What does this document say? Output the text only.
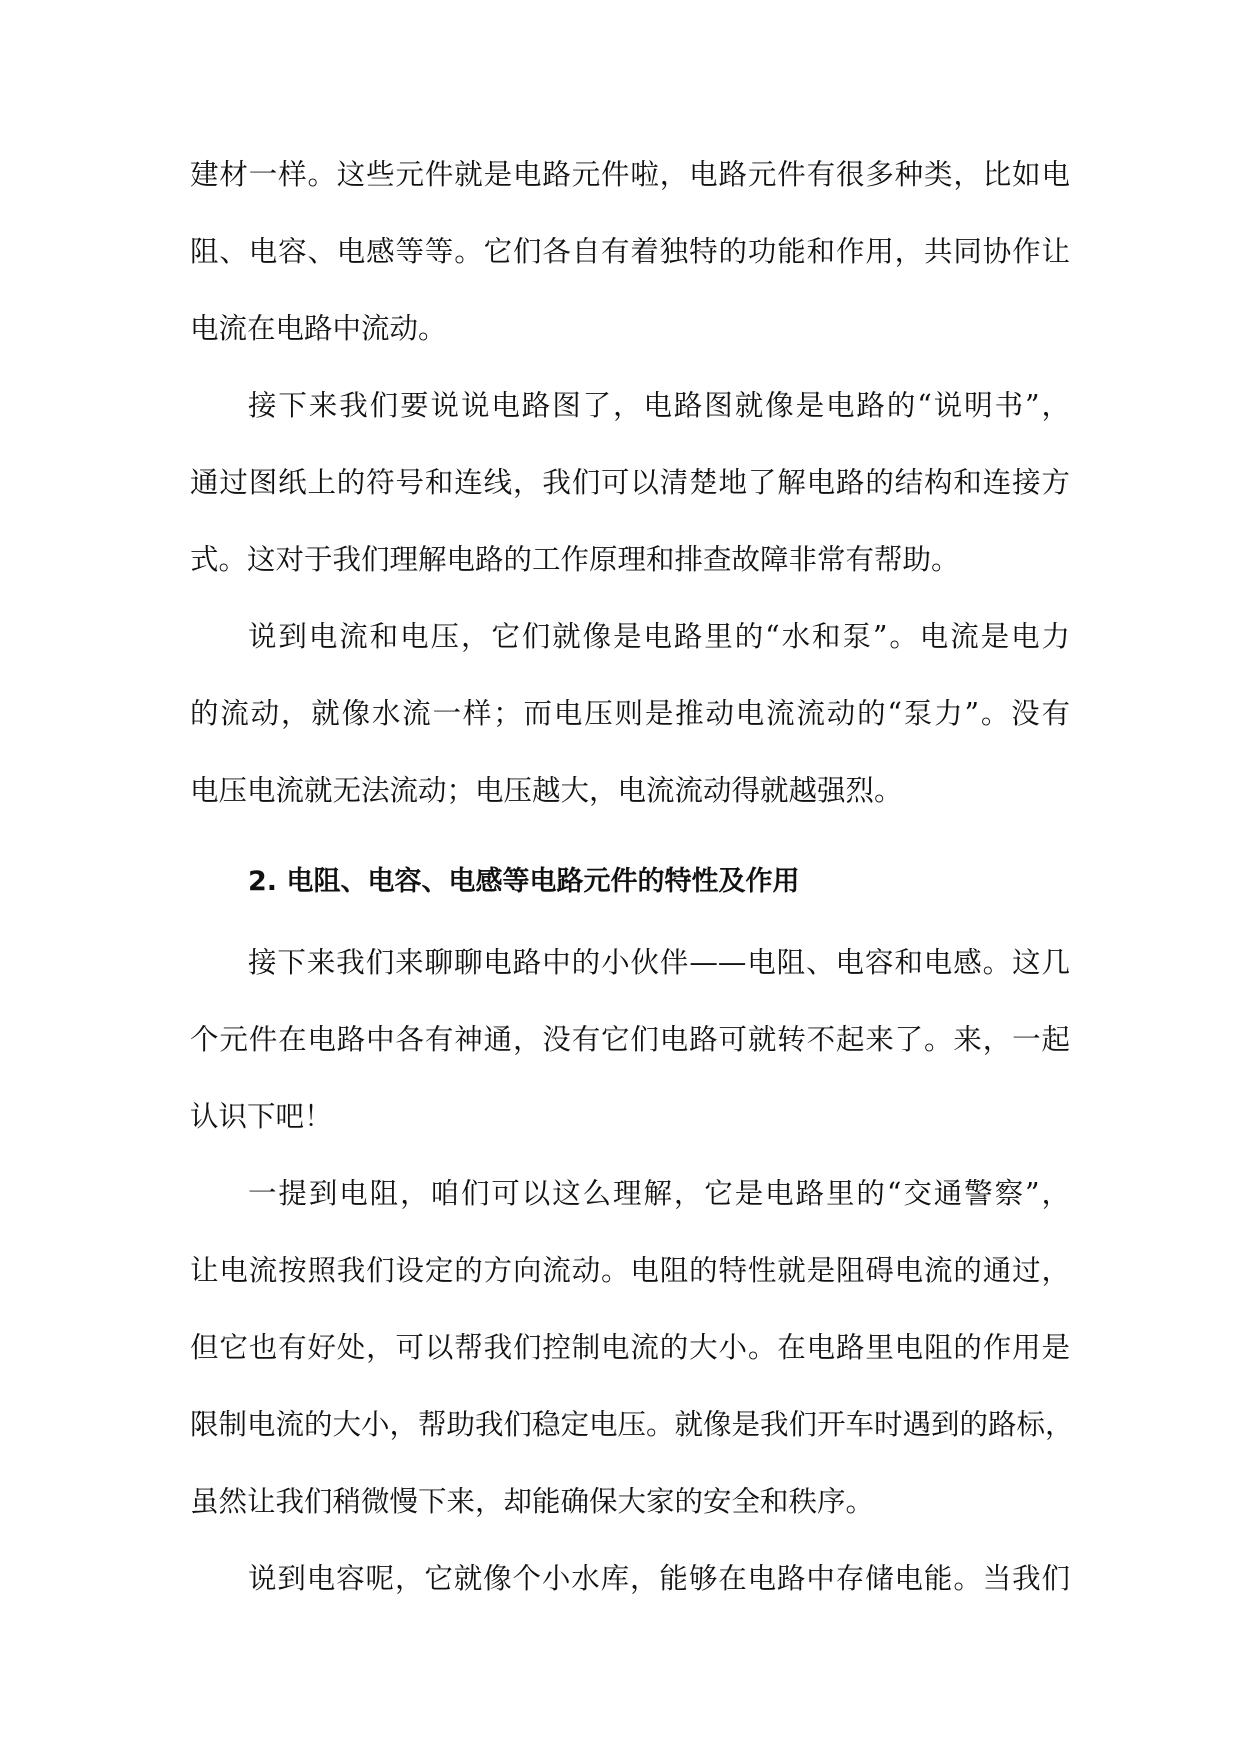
建材一样。这些元件就是电路元件啦，电路元件有很多种类，比如电

阻、电容、电感等等。它们各自有着独特的功能和作用，共同协作让

电流在电路中流动。

接下来我们要说说电路图了，电路图就像是电路的“说明书”，

通过图纸上的符号和连线，我们可以清楚地了解电路的结构和连接方

式。这对于我们理解电路的工作原理和排查故障非常有帮助。

说到电流和电压，它们就像是电路里的“水和泵”。电流是电力

的流动，就像水流一样；而电压则是推动电流流动的“泵力”。没有

电压电流就无法流动；电压越大，电流流动得就越强烈。

2. 电阻、电容、电感等电路元件的特性及作用

接下来我们来聊聊电路中的小伙伴——电阻、电容和电感。这几

个元件在电路中各有神通，没有它们电路可就转不起来了。来，一起

认识下吧！

一提到电阻，咱们可以这么理解，它是电路里的“交通警察”，

让电流按照我们设定的方向流动。电阻的特性就是阻碍电流的通过，

但它也有好处，可以帮我们控制电流的大小。在电路里电阻的作用是

限制电流的大小，帮助我们稳定电压。就像是我们开车时遇到的路标，

虽然让我们稍微慢下来，却能确保大家的安全和秩序。

说到电容呢，它就像个小水库，能够在电路中存储电能。当我们
